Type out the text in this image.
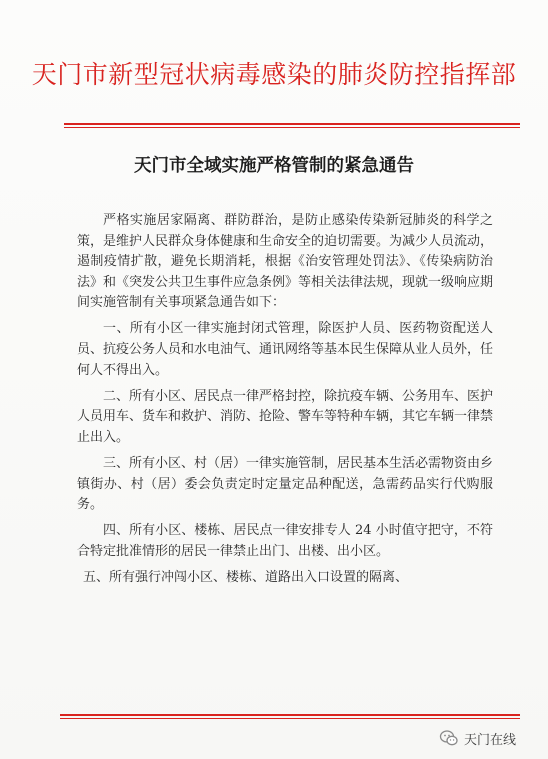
天门市新型冠状病毒感染的肺炎防控指挥部
天门市全域实施严格管制的紧急通告

严格实施居家隔离、群防群治，是防止感染传染新冠肺炎的科学之策，是维护人民群众身体健康和生命安全的迫切需要。为减少人员流动，遏制疫情扩散，避免长期消耗，根据《治安管理处罚法》、《传染病防治法》和《突发公共卫生事件应急条例》等相关法律法规，现就一级响应期间实施管制有关事项紧急通告如下：

一、所有小区一律实施封闭式管理，除医护人员、医药物资配送人员、抗疫公务人员和水电油气、通讯网络等基本民生保障从业人员外，任何人不得出入。

二、所有小区、居民点一律严格封控，除抗疫车辆、公务用车、医护人员用车、货车和救护、消防、抢险、警车等特种车辆，其它车辆一律禁止出入。

三、所有小区、村（居）一律实施管制，居民基本生活必需物资由乡镇街办、村（居）委会负责定时定量定品种配送，急需药品实行代购服务。

四、所有小区、楼栋、居民点一律安排专人 24 小时值守把守，不符合特定批准情形的居民一律禁止出门、出楼、出小区。

五、所有强行冲闯小区、楼栋、道路出入口设置的隔离、

天门在线
